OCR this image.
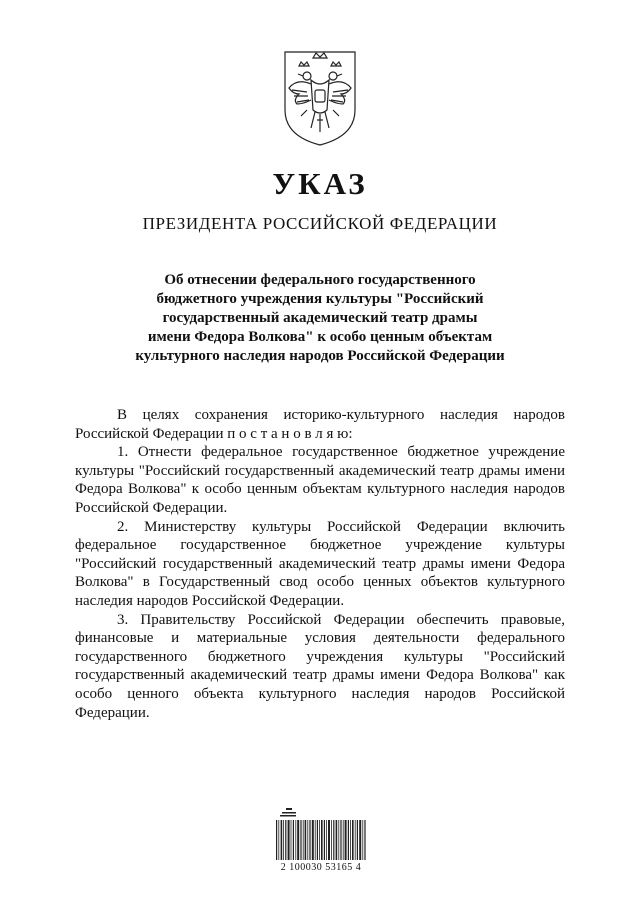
УКАЗ
ПРЕЗИДЕНТА РОССИЙСКОЙ ФЕДЕРАЦИИ
Об отнесении федерального государственного
бюджетного учреждения культуры "Российский
государственный академический театр драмы
имени Федора Волкова" к особо ценным объектам
культурного наследия народов Российской Федерации

В целях сохранения историко-культурного наследия народов Российской Федерации п о с т а н о в л я ю:

1. Отнести федеральное государственное бюджетное учреждение культуры "Российский государственный академический театр драмы имени Федора Волкова" к особо ценным объектам культурного наследия народов Российской Федерации.

2. Министерству культуры Российской Федерации включить федеральное государственное бюджетное учреждение культуры "Российский государственный академический театр драмы имени Федора Волкова" в Государственный свод особо ценных объектов культурного наследия народов Российской Федерации.

3. Правительству Российской Федерации обеспечить правовые, финансовые и материальные условия деятельности федерального государственного бюджетного учреждения культуры "Российский государственный академический театр драмы имени Федора Волкова" как особо ценного объекта культурного наследия народов Российской Федерации.

2 100030 53165 4
